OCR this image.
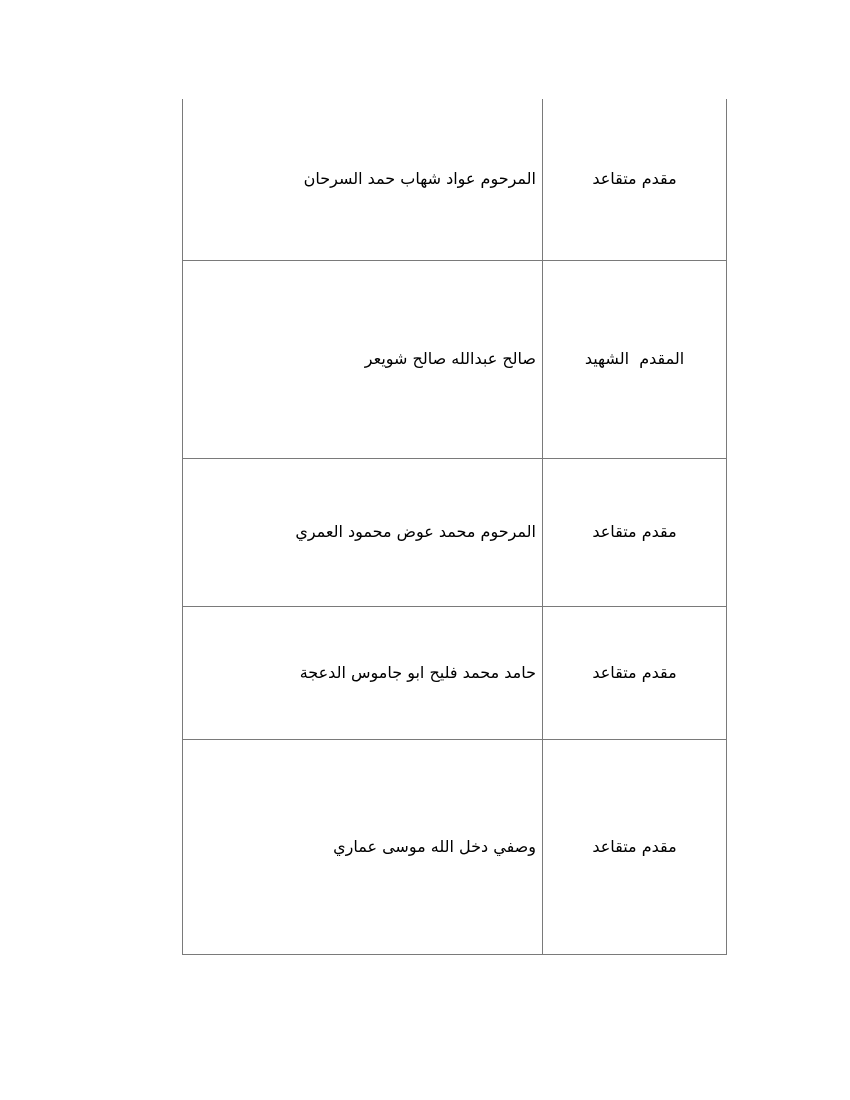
المرحوم عواد شهاب حمد السرحان	مقدم متقاعد
صالح عبدالله صالح شويعر	المقدم  الشهيد
المرحوم محمد عوض محمود العمري	مقدم متقاعد
حامد محمد فليح ابو جاموس الدعجة	مقدم متقاعد
وصفي دخل الله موسى عماري	مقدم متقاعد
